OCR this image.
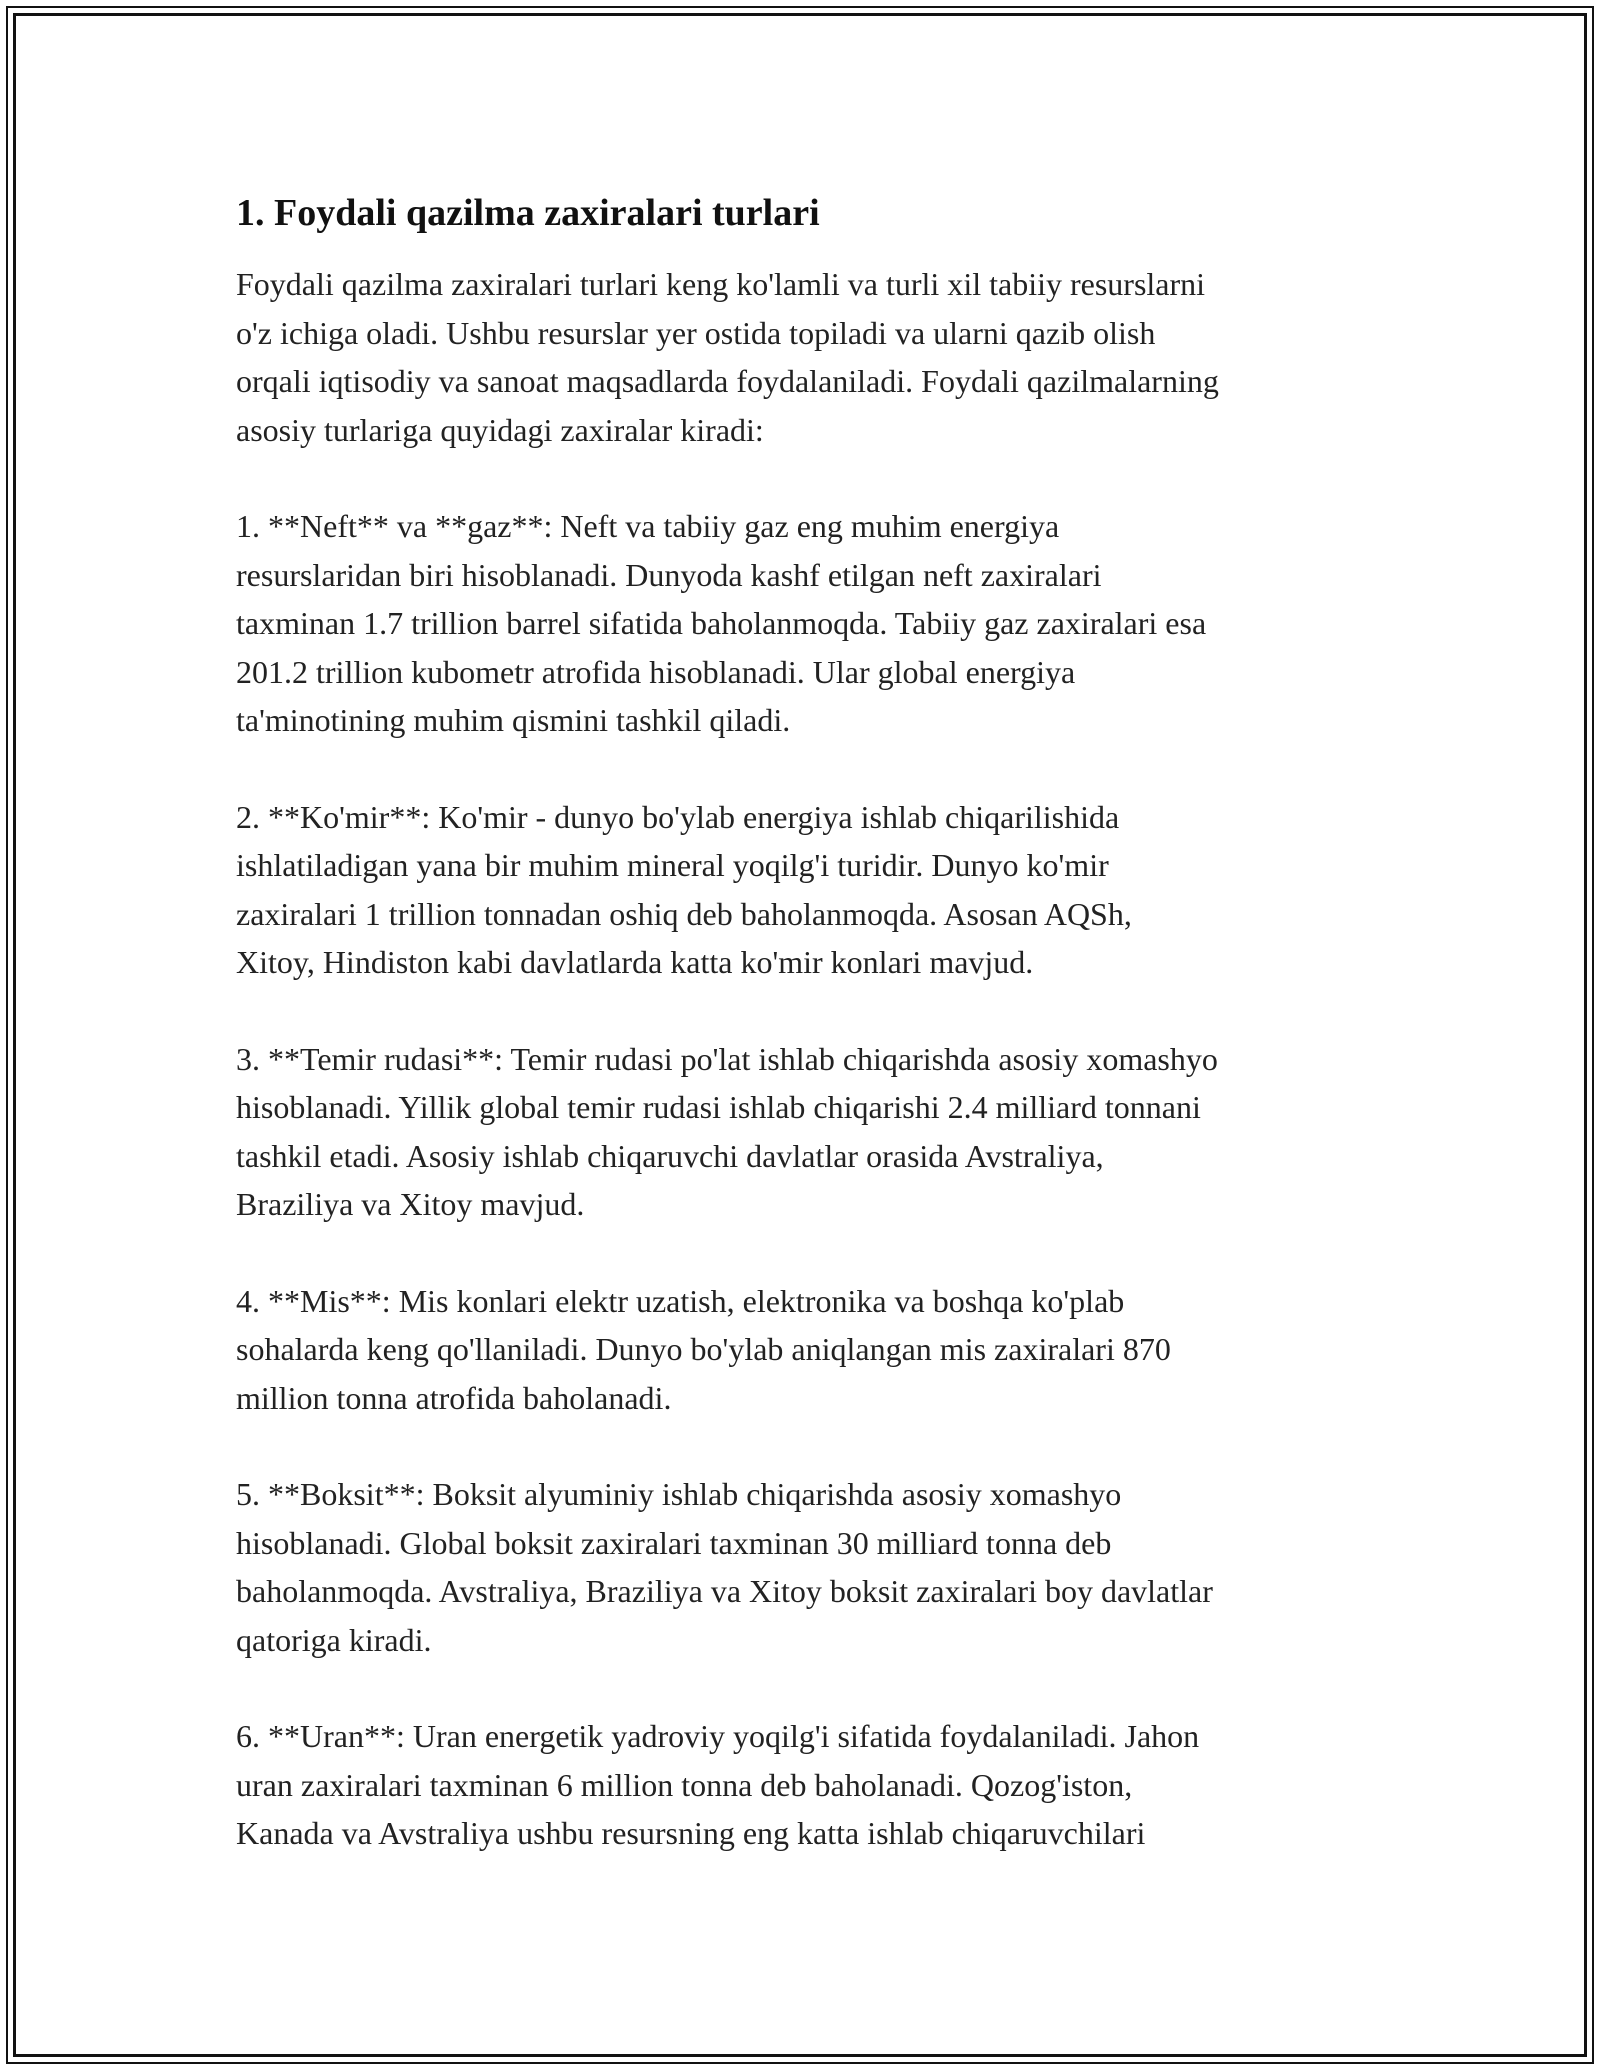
1. Foydali qazilma zaxiralari turlari

Foydali qazilma zaxiralari turlari keng ko'lamli va turli xil tabiiy resurslarni
o'z ichiga oladi. Ushbu resurslar yer ostida topiladi va ularni qazib olish
orqali iqtisodiy va sanoat maqsadlarda foydalaniladi. Foydali qazilmalarning
asosiy turlariga quyidagi zaxiralar kiradi:

1. **Neft** va **gaz**: Neft va tabiiy gaz eng muhim energiya
resurslaridan biri hisoblanadi. Dunyoda kashf etilgan neft zaxiralari
taxminan 1.7 trillion barrel sifatida baholanmoqda. Tabiiy gaz zaxiralari esa
201.2 trillion kubometr atrofida hisoblanadi. Ular global energiya
ta'minotining muhim qismini tashkil qiladi.

2. **Ko'mir**: Ko'mir - dunyo bo'ylab energiya ishlab chiqarilishida
ishlatiladigan yana bir muhim mineral yoqilg'i turidir. Dunyo ko'mir
zaxiralari 1 trillion tonnadan oshiq deb baholanmoqda. Asosan AQSh,
Xitoy, Hindiston kabi davlatlarda katta ko'mir konlari mavjud.

3. **Temir rudasi**: Temir rudasi po'lat ishlab chiqarishda asosiy xomashyo
hisoblanadi. Yillik global temir rudasi ishlab chiqarishi 2.4 milliard tonnani
tashkil etadi. Asosiy ishlab chiqaruvchi davlatlar orasida Avstraliya,
Braziliya va Xitoy mavjud.

4. **Mis**: Mis konlari elektr uzatish, elektronika va boshqa ko'plab
sohalarda keng qo'llaniladi. Dunyo bo'ylab aniqlangan mis zaxiralari 870
million tonna atrofida baholanadi.

5. **Boksit**: Boksit alyuminiy ishlab chiqarishda asosiy xomashyo
hisoblanadi. Global boksit zaxiralari taxminan 30 milliard tonna deb
baholanmoqda. Avstraliya, Braziliya va Xitoy boksit zaxiralari boy davlatlar
qatoriga kiradi.

6. **Uran**: Uran energetik yadroviy yoqilg'i sifatida foydalaniladi. Jahon
uran zaxiralari taxminan 6 million tonna deb baholanadi. Qozog'iston,
Kanada va Avstraliya ushbu resursning eng katta ishlab chiqaruvchilari
